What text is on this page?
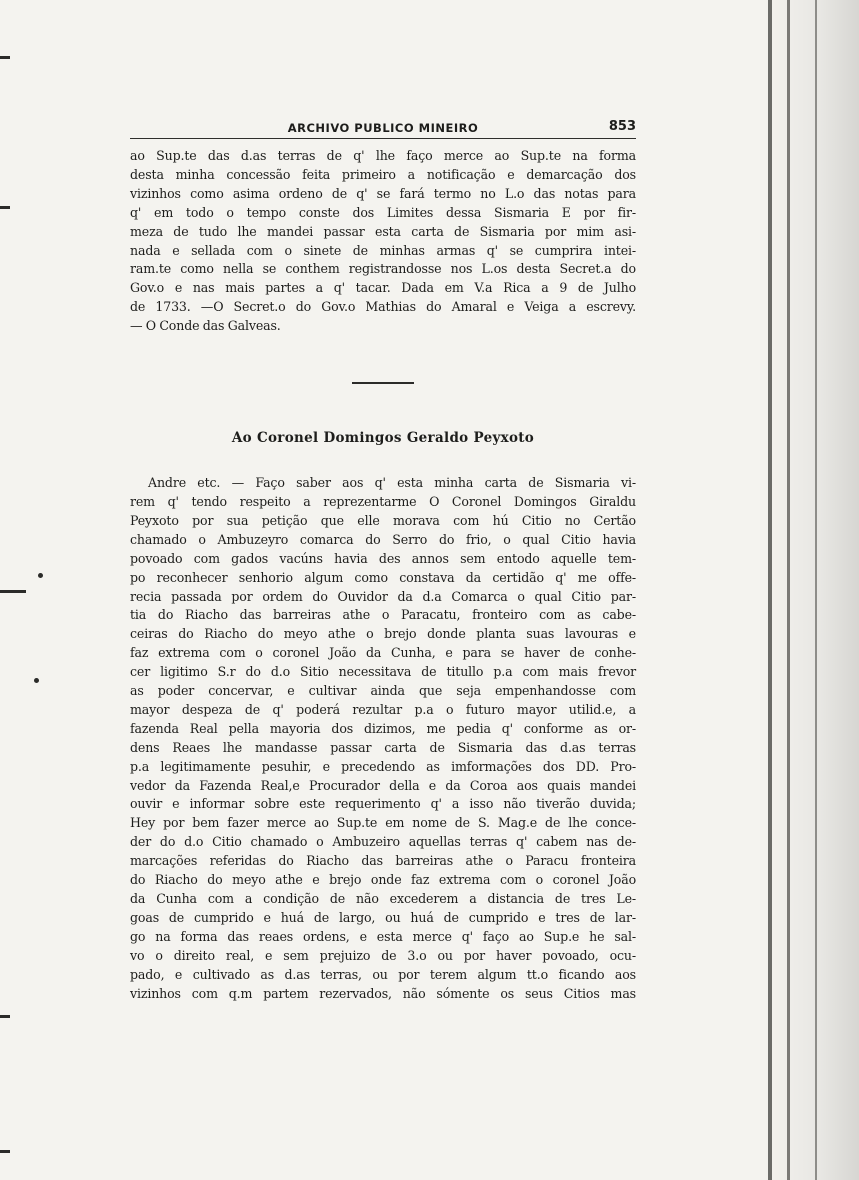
ARCHIVO PUBLICO MINEIRO	853
ao Sup.te das d.as terras de q' lhe faço merce ao Sup.te na forma
desta minha concessão feita primeiro a notificação e demarcação dos
vizinhos como asima ordeno de q' se fará termo no L.o das notas para
q' em todo o tempo conste dos Limites dessa Sismaria E por fir-
meza de tudo lhe mandei passar esta carta de Sismaria por mim asi-
nada e sellada com o sinete de minhas armas q' se cumprira intei-
ram.te como nella se conthem registrandosse nos L.os desta Secret.a do
Gov.o e nas mais partes a q' tacar. Dada em V.a Rica a 9 de Julho
de 1733. —O Secret.o do Gov.o Mathias do Amaral e Veiga a escrevy.
— O Conde das Galveas.
Ao Coronel Domingos Geraldo Peyxoto
Andre etc. — Faço saber aos q' esta minha carta de Sismaria vi-
rem q' tendo respeito a reprezentarme O Coronel Domingos Giraldu
Peyxoto por sua petição que elle morava com hú Citio no Certão
chamado o Ambuzeyro comarca do Serro do frio, o qual Citio havia
povoado com gados vacúns havia des annos sem entodo aquelle tem-
po reconhecer senhorio algum como constava da certidão q' me offe-
recia passada por ordem do Ouvidor da d.a Comarca o qual Citio par-
tia do Riacho das barreiras athe o Paracatu, fronteiro com as cabe-
ceiras do Riacho do meyo athe o brejo donde planta suas lavouras e
faz extrema com o coronel João da Cunha, e para se haver de conhe-
cer ligitimo S.r do d.o Sitio necessitava de titullo p.a com mais frevor
as poder concervar, e cultivar ainda que seja empenhandosse com
mayor despeza de q' poderá rezultar p.a o futuro mayor utilid.e, a
fazenda Real pella mayoria dos dizimos, me pedia q' conforme as or-
dens Reaes lhe mandasse passar carta de Sismaria das d.as terras
p.a legitimamente pesuhir, e precedendo as imformações dos DD. Pro-
vedor da Fazenda Real,e Procurador della e da Coroa aos quais mandei
ouvir e informar sobre este requerimento q' a isso não tiverão duvida;
Hey por bem fazer merce ao Sup.te em nome de S. Mag.e de lhe conce-
der do d.o Citio chamado o Ambuzeiro aquellas terras q' cabem nas de-
marcações referidas do Riacho das barreiras athe o Paracu fronteira
do Riacho do meyo athe e brejo onde faz extrema com o coronel João
da Cunha com a condição de não excederem a distancia de tres Le-
goas de cumprido e huá de largo, ou huá de cumprido e tres de lar-
go na forma das reaes ordens, e esta merce q' faço ao Sup.e he sal-
vo o direito real, e sem prejuizo de 3.o ou por haver povoado, ocu-
pado, e cultivado as d.as terras, ou por terem algum tt.o ficando aos
vizinhos com q.m partem rezervados, não sómente os seus Citios mas
